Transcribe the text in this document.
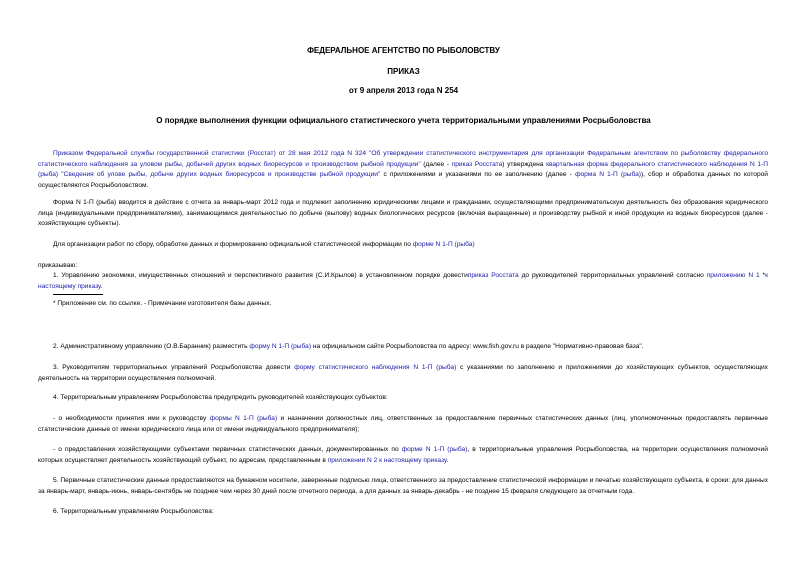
ФЕДЕРАЛЬНОЕ АГЕНТСТВО ПО РЫБОЛОВСТВУ
ПРИКАЗ
от 9 апреля 2013 года N 254
О порядке выполнения функции официального статистического учета территориальными управлениями Росрыболовства
Приказом Федеральной службы государственной статистики (Росстат) от 28 мая 2012 года N 324 "Об утверждении статистического инструментария для организации Федеральным агентством по рыболовству федерального статистического наблюдения за уловом рыбы, добычей других водных биоресурсов и производством рыбной продукции" (далее - приказ Росстата) утверждена квартальная форма федерального статистического наблюдения N 1-П (рыба) "Сведения об улове рыбы, добыче других водных биоресурсов и производстве рыбной продукции" с приложениями и указаниями по ее заполнению (далее - форма N 1-П (рыба)), сбор и обработка данных по которой осуществляются Росрыболовством.
Форма N 1-П (рыба) вводится в действие с отчета за январь-март 2012 года и подлежит заполнению юридическими лицами и гражданами, осуществляющими предпринимательскую деятельность без образования юридического лица (индивидуальными предпринимателями), занимающимися деятельностью по добыче (вылову) водных биологических ресурсов (включая выращенные) и производству рыбной и иной продукции из водных биоресурсов (далее - хозяйствующие субъекты).
Для организации работ по сбору, обработке данных и формированию официальной статистической информации по форме N 1-П (рыба)
приказываю:
1. Управлению экономики, имущественных отношений и перспективного развития (С.И.Крылов) в установленном порядке довестиприказ Росстата до руководителей территориальных управлений согласно приложению N 1 *к настоящему приказу.
* Приложение см. по ссылке. - Примечание изготовителя базы данных.
2. Административному управлению (О.В.Баранник) разместить форму N 1-П (рыба) на официальном сайте Росрыболовства по адресу: www.fish.gov.ru в разделе "Нормативно-правовая база".
3. Руководителям территориальных управлений Росрыболовства довести форму статистического наблюдения N 1-П (рыба) с указаниями по заполнению и приложениями до хозяйствующих субъектов, осуществляющих деятельность на территории осуществления полномочий.
4. Территориальным управлениям Росрыболовства предупредить руководителей хозяйствующих субъектов:
- о необходимости принятия ими к руководству формы N 1-П (рыба) и назначении должностных лиц, ответственных за предоставление первичных статистических данных (лиц, уполномоченных предоставлять первичные статистические данные от имени юридического лица или от имени индивидуального предпринимателя);
- о предоставлении хозяйствующими субъектами первичных статистических данных, документированных по форме N 1-П (рыба), в территориальные управления Росрыболовства, на территории осуществления полномочий которых осуществляет деятельность хозяйствующий субъект, по адресам, представленным в приложении N 2 к настоящему приказу.
5. Первичные статистические данные предоставляются на бумажном носителе, заверенные подписью лица, ответственного за предоставление статистической информации и печатью хозяйствующего субъекта, в сроки: для данных за январь-март, январь-июнь, январь-сентябрь не позднее чем через 30 дней после отчетного периода, а для данных за январь-декабрь - не позднее 15 февраля следующего за отчетным года.
6. Территориальным управлениям Росрыболовства:
